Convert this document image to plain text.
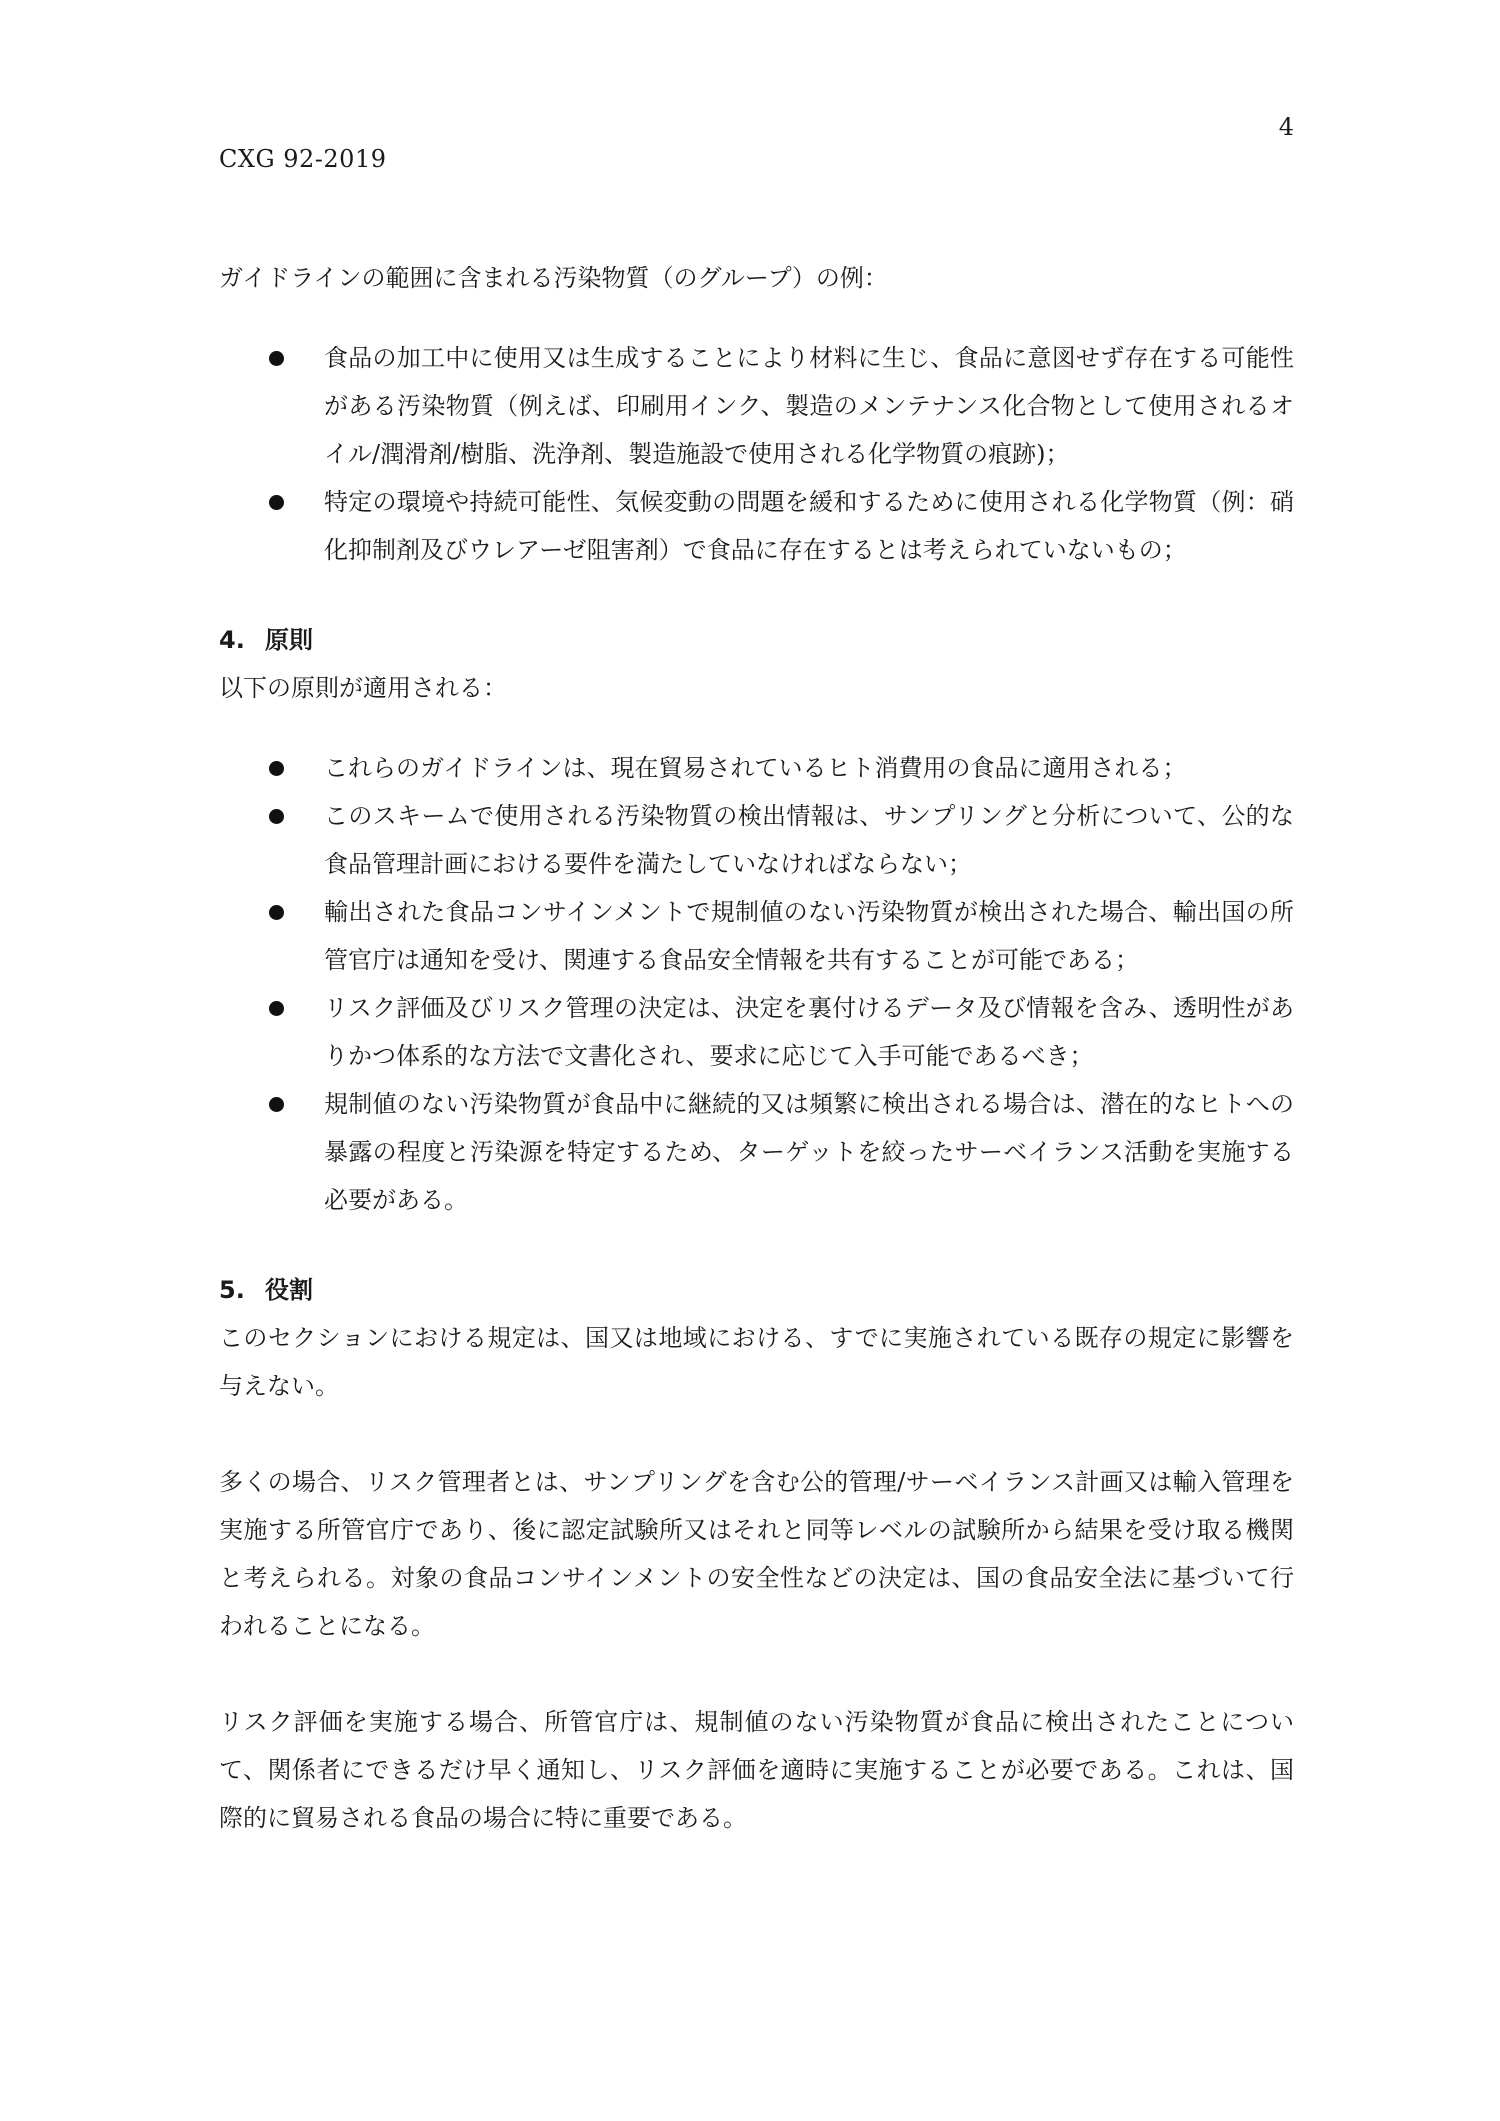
4
CXG 92-2019

ガイドラインの範囲に含まれる汚染物質（のグループ）の例：

食品の加工中に使用又は生成することにより材料に生じ、食品に意図せず存在する可能性がある汚染物質（例えば、印刷用インク、製造のメンテナンス化合物として使用されるオイル/潤滑剤/樹脂、洗浄剤、製造施設で使用される化学物質の痕跡)；
特定の環境や持続可能性、気候変動の問題を緩和するために使用される化学物質（例：硝化抑制剤及びウレアーゼ阻害剤）で食品に存在するとは考えられていないもの；

4. 原則

以下の原則が適用される：

これらのガイドラインは、現在貿易されているヒト消費用の食品に適用される；
このスキームで使用される汚染物質の検出情報は、サンプリングと分析について、公的な食品管理計画における要件を満たしていなければならない；
輸出された食品コンサインメントで規制値のない汚染物質が検出された場合、輸出国の所管官庁は通知を受け、関連する食品安全情報を共有することが可能である；
リスク評価及びリスク管理の決定は、決定を裏付けるデータ及び情報を含み、透明性がありかつ体系的な方法で文書化され、要求に応じて入手可能であるべき；
規制値のない汚染物質が食品中に継続的又は頻繁に検出される場合は、潜在的なヒトへの暴露の程度と汚染源を特定するため、ターゲットを絞ったサーベイランス活動を実施する必要がある。

5. 役割

このセクションにおける規定は、国又は地域における、すでに実施されている既存の規定に影響を与えない。

多くの場合、リスク管理者とは、サンプリングを含む公的管理/サーベイランス計画又は輸入管理を実施する所管官庁であり、後に認定試験所又はそれと同等レベルの試験所から結果を受け取る機関と考えられる。対象の食品コンサインメントの安全性などの決定は、国の食品安全法に基づいて行われることになる。

リスク評価を実施する場合、所管官庁は、規制値のない汚染物質が食品に検出されたことについて、関係者にできるだけ早く通知し、リスク評価を適時に実施することが必要である。これは、国際的に貿易される食品の場合に特に重要である。
